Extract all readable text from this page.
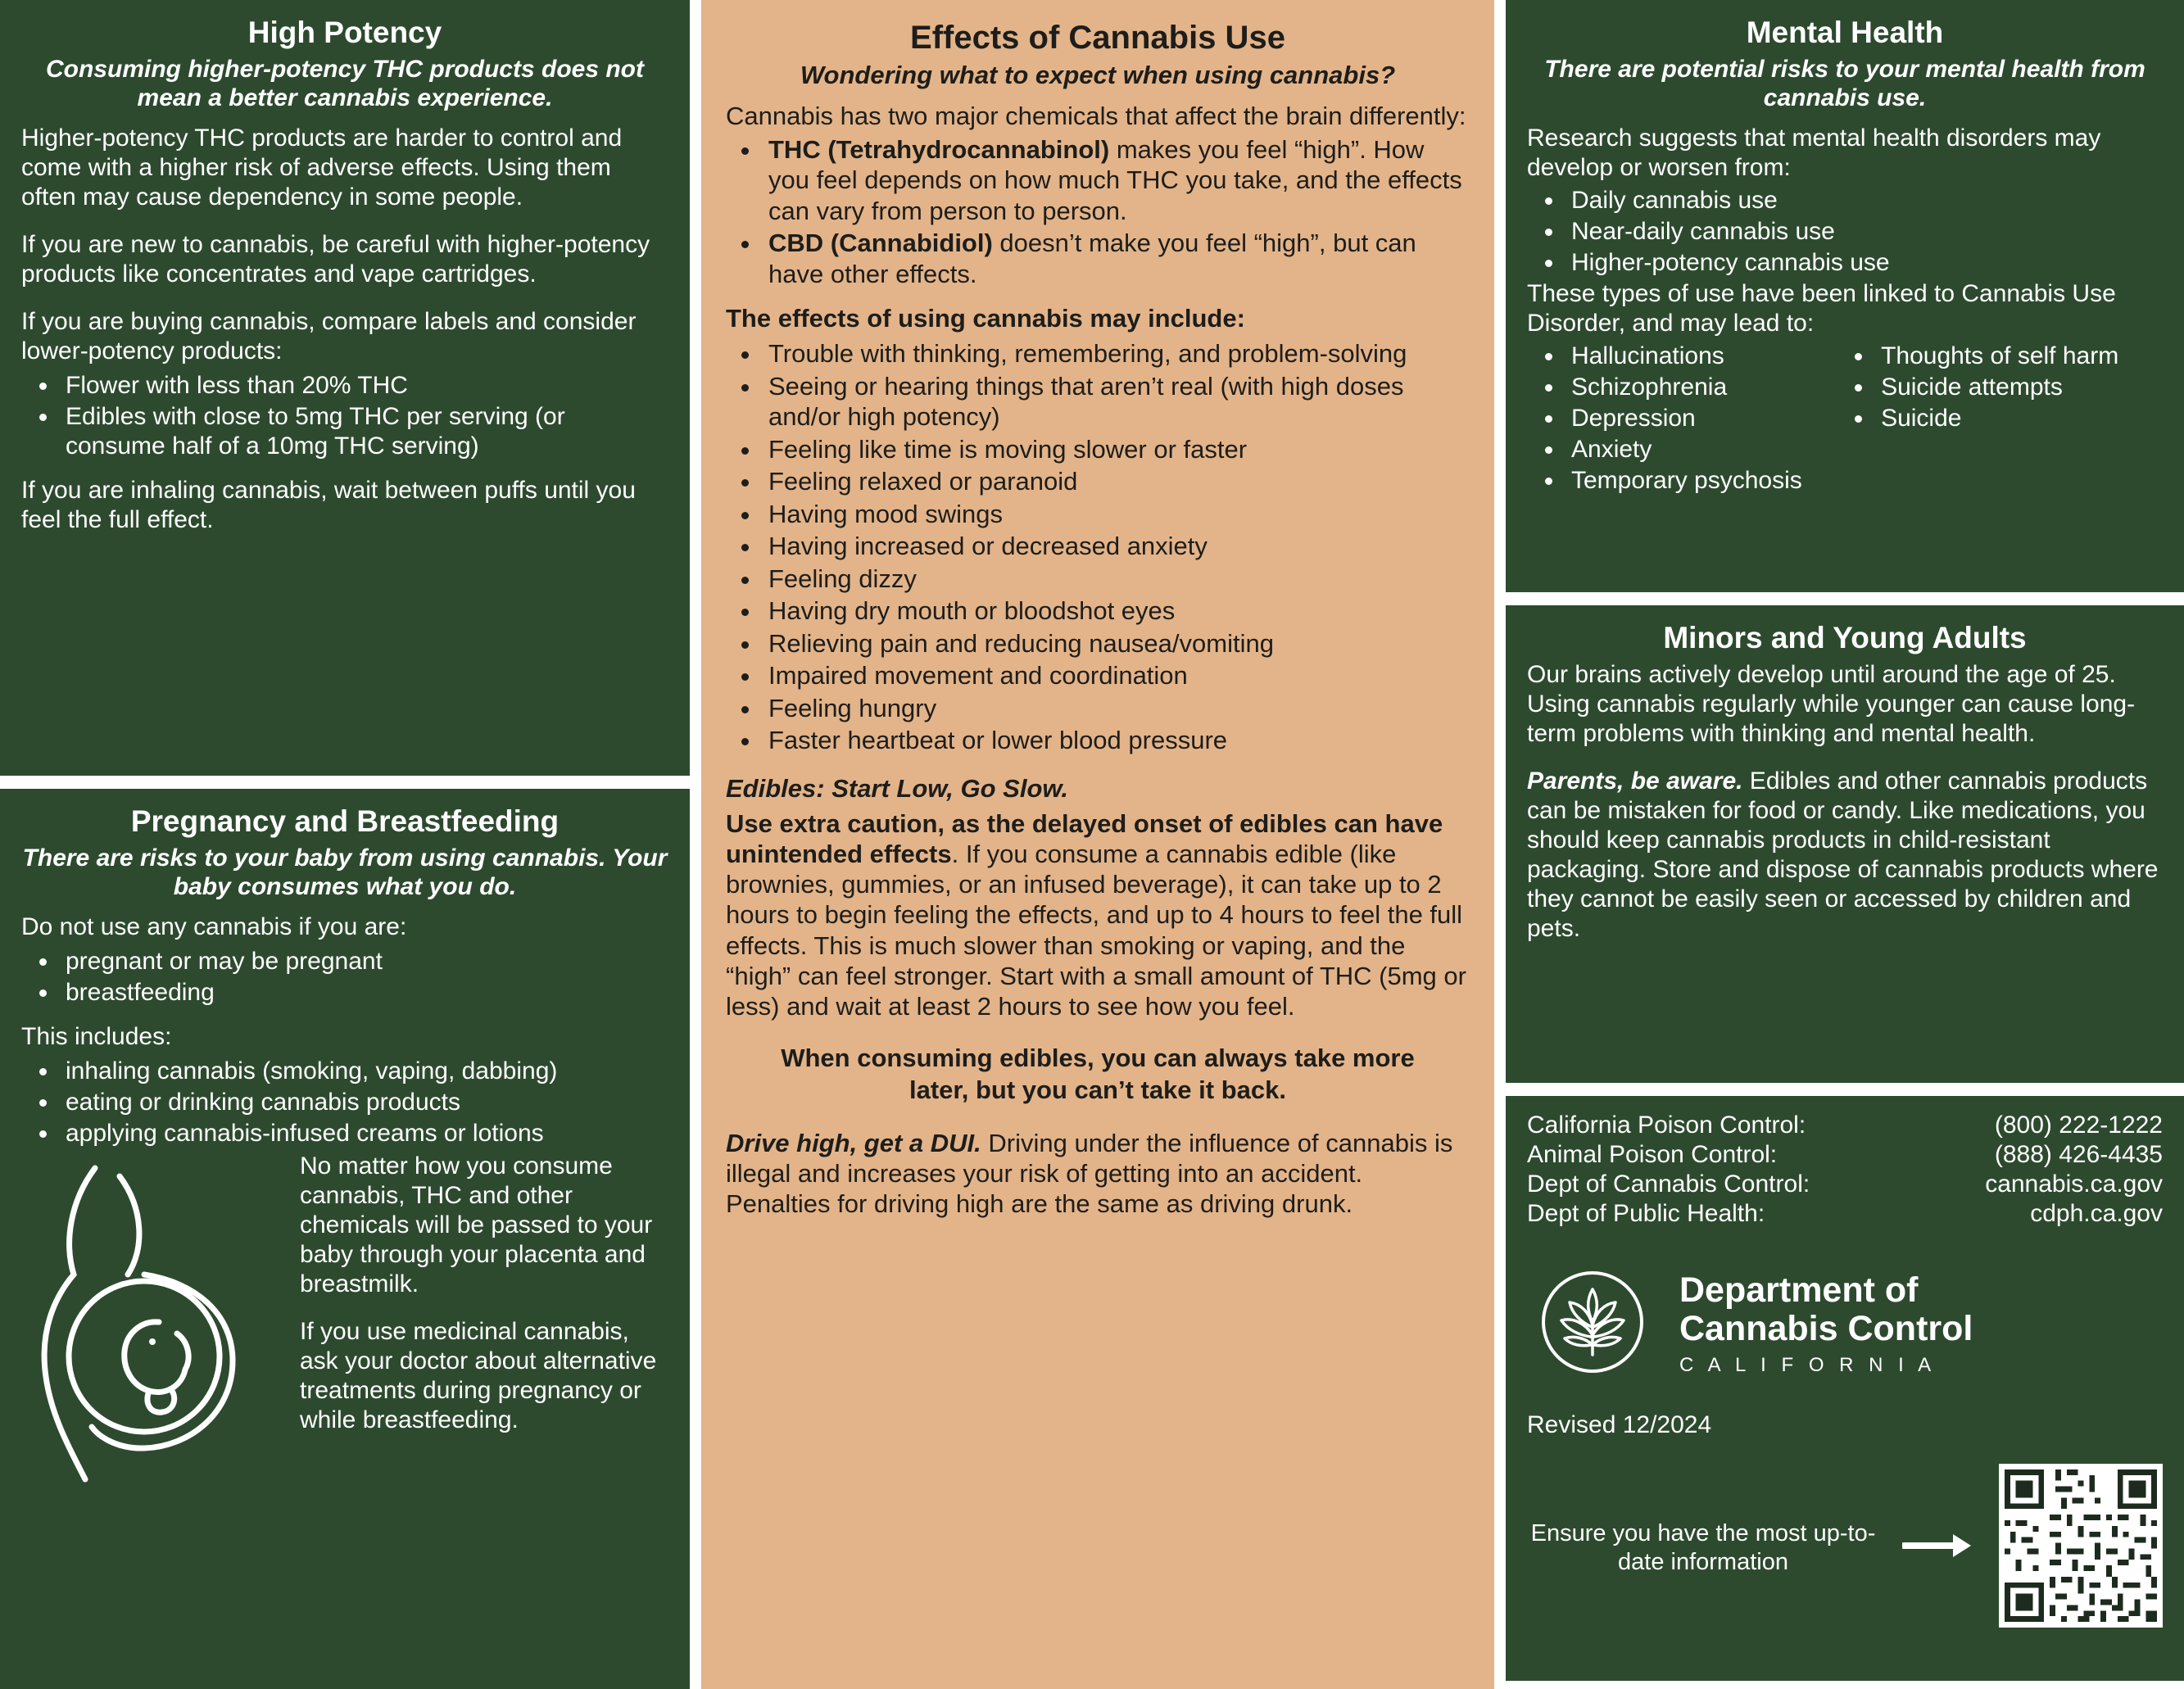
High Potency
Consuming higher-potency THC products does not mean a better cannabis experience.

Higher-potency THC products are harder to control and come with a higher risk of adverse effects. Using them often may cause dependency in some people.

If you are new to cannabis, be careful with higher-potency products like concentrates and vape cartridges.

If you are buying cannabis, compare labels and consider lower-potency products:

• Flower with less than 20% THC
• Edibles with close to 5mg THC per serving (or consume half of a 10mg THC serving)

If you are inhaling cannabis, wait between puffs until you feel the full effect.

Pregnancy and Breastfeeding
There are risks to your baby from using cannabis. Your baby consumes what you do.

Do not use any cannabis if you are:

• pregnant or may be pregnant
• breastfeeding

This includes:

• inhaling cannabis (smoking, vaping, dabbing)
• eating or drinking cannabis products
• applying cannabis-infused creams or lotions

No matter how you consume cannabis, THC and other chemicals will be passed to your baby through your placenta and breastmilk.

If you use medicinal cannabis, ask your doctor about alternative treatments during pregnancy or while breastfeeding.

Effects of Cannabis Use
Wondering what to expect when using cannabis?

Cannabis has two major chemicals that affect the brain differently:

• THC (Tetrahydrocannabinol) makes you feel “high”. How you feel depends on how much THC you take, and the effects can vary from person to person.
• CBD (Cannabidiol) doesn’t make you feel “high”, but can have other effects.
The effects of using cannabis may include:
• Trouble with thinking, remembering, and problem-solving
• Seeing or hearing things that aren’t real (with high doses and/or high potency)
• Feeling like time is moving slower or faster
• Feeling relaxed or paranoid
• Having mood swings
• Having increased or decreased anxiety
• Feeling dizzy
• Having dry mouth or bloodshot eyes
• Relieving pain and reducing nausea/vomiting
• Impaired movement and coordination
• Feeling hungry
• Faster heartbeat or lower blood pressure
Edibles: Start Low, Go Slow.

Use extra caution, as the delayed onset of edibles can have unintended effects. If you consume a cannabis edible (like brownies, gummies, or an infused beverage), it can take up to 2 hours to begin feeling the effects, and up to 4 hours to feel the full effects. This is much slower than smoking or vaping, and the “high” can feel stronger. Start with a small amount of THC (5mg or less) and wait at least 2 hours to see how you feel.

When consuming edibles, you can always take more later, but you can’t take it back.

Drive high, get a DUI. Driving under the influence of cannabis is illegal and increases your risk of getting into an accident. Penalties for driving high are the same as driving drunk.

Mental Health
There are potential risks to your mental health from cannabis use.

Research suggests that mental health disorders may develop or worsen from:

• Daily cannabis use
• Near-daily cannabis use
• Higher-potency cannabis use

These types of use have been linked to Cannabis Use Disorder, and may lead to:

• Hallucinations
• Schizophrenia
• Depression
• Anxiety
• Temporary psychosis
• Thoughts of self harm
• Suicide attempts
• Suicide
Minors and Young Adults

Our brains actively develop until around the age of 25. Using cannabis regularly while younger can cause long-term problems with thinking and mental health.

Parents, be aware. Edibles and other cannabis products can be mistaken for food or candy. Like medications, you should keep cannabis products in child-resistant packaging. Store and dispose of cannabis products where they cannot be easily seen or accessed by children and pets.

California Poison Control:	(800) 222-1222
Animal Poison Control:	(888) 426-4435
Dept of Cannabis Control:	cannabis.ca.gov
Dept of Public Health:	cdph.ca.gov
Department of
Cannabis Control
C A L I F O R N I A
Revised 12/2024
Ensure you have the most up-to-date information
